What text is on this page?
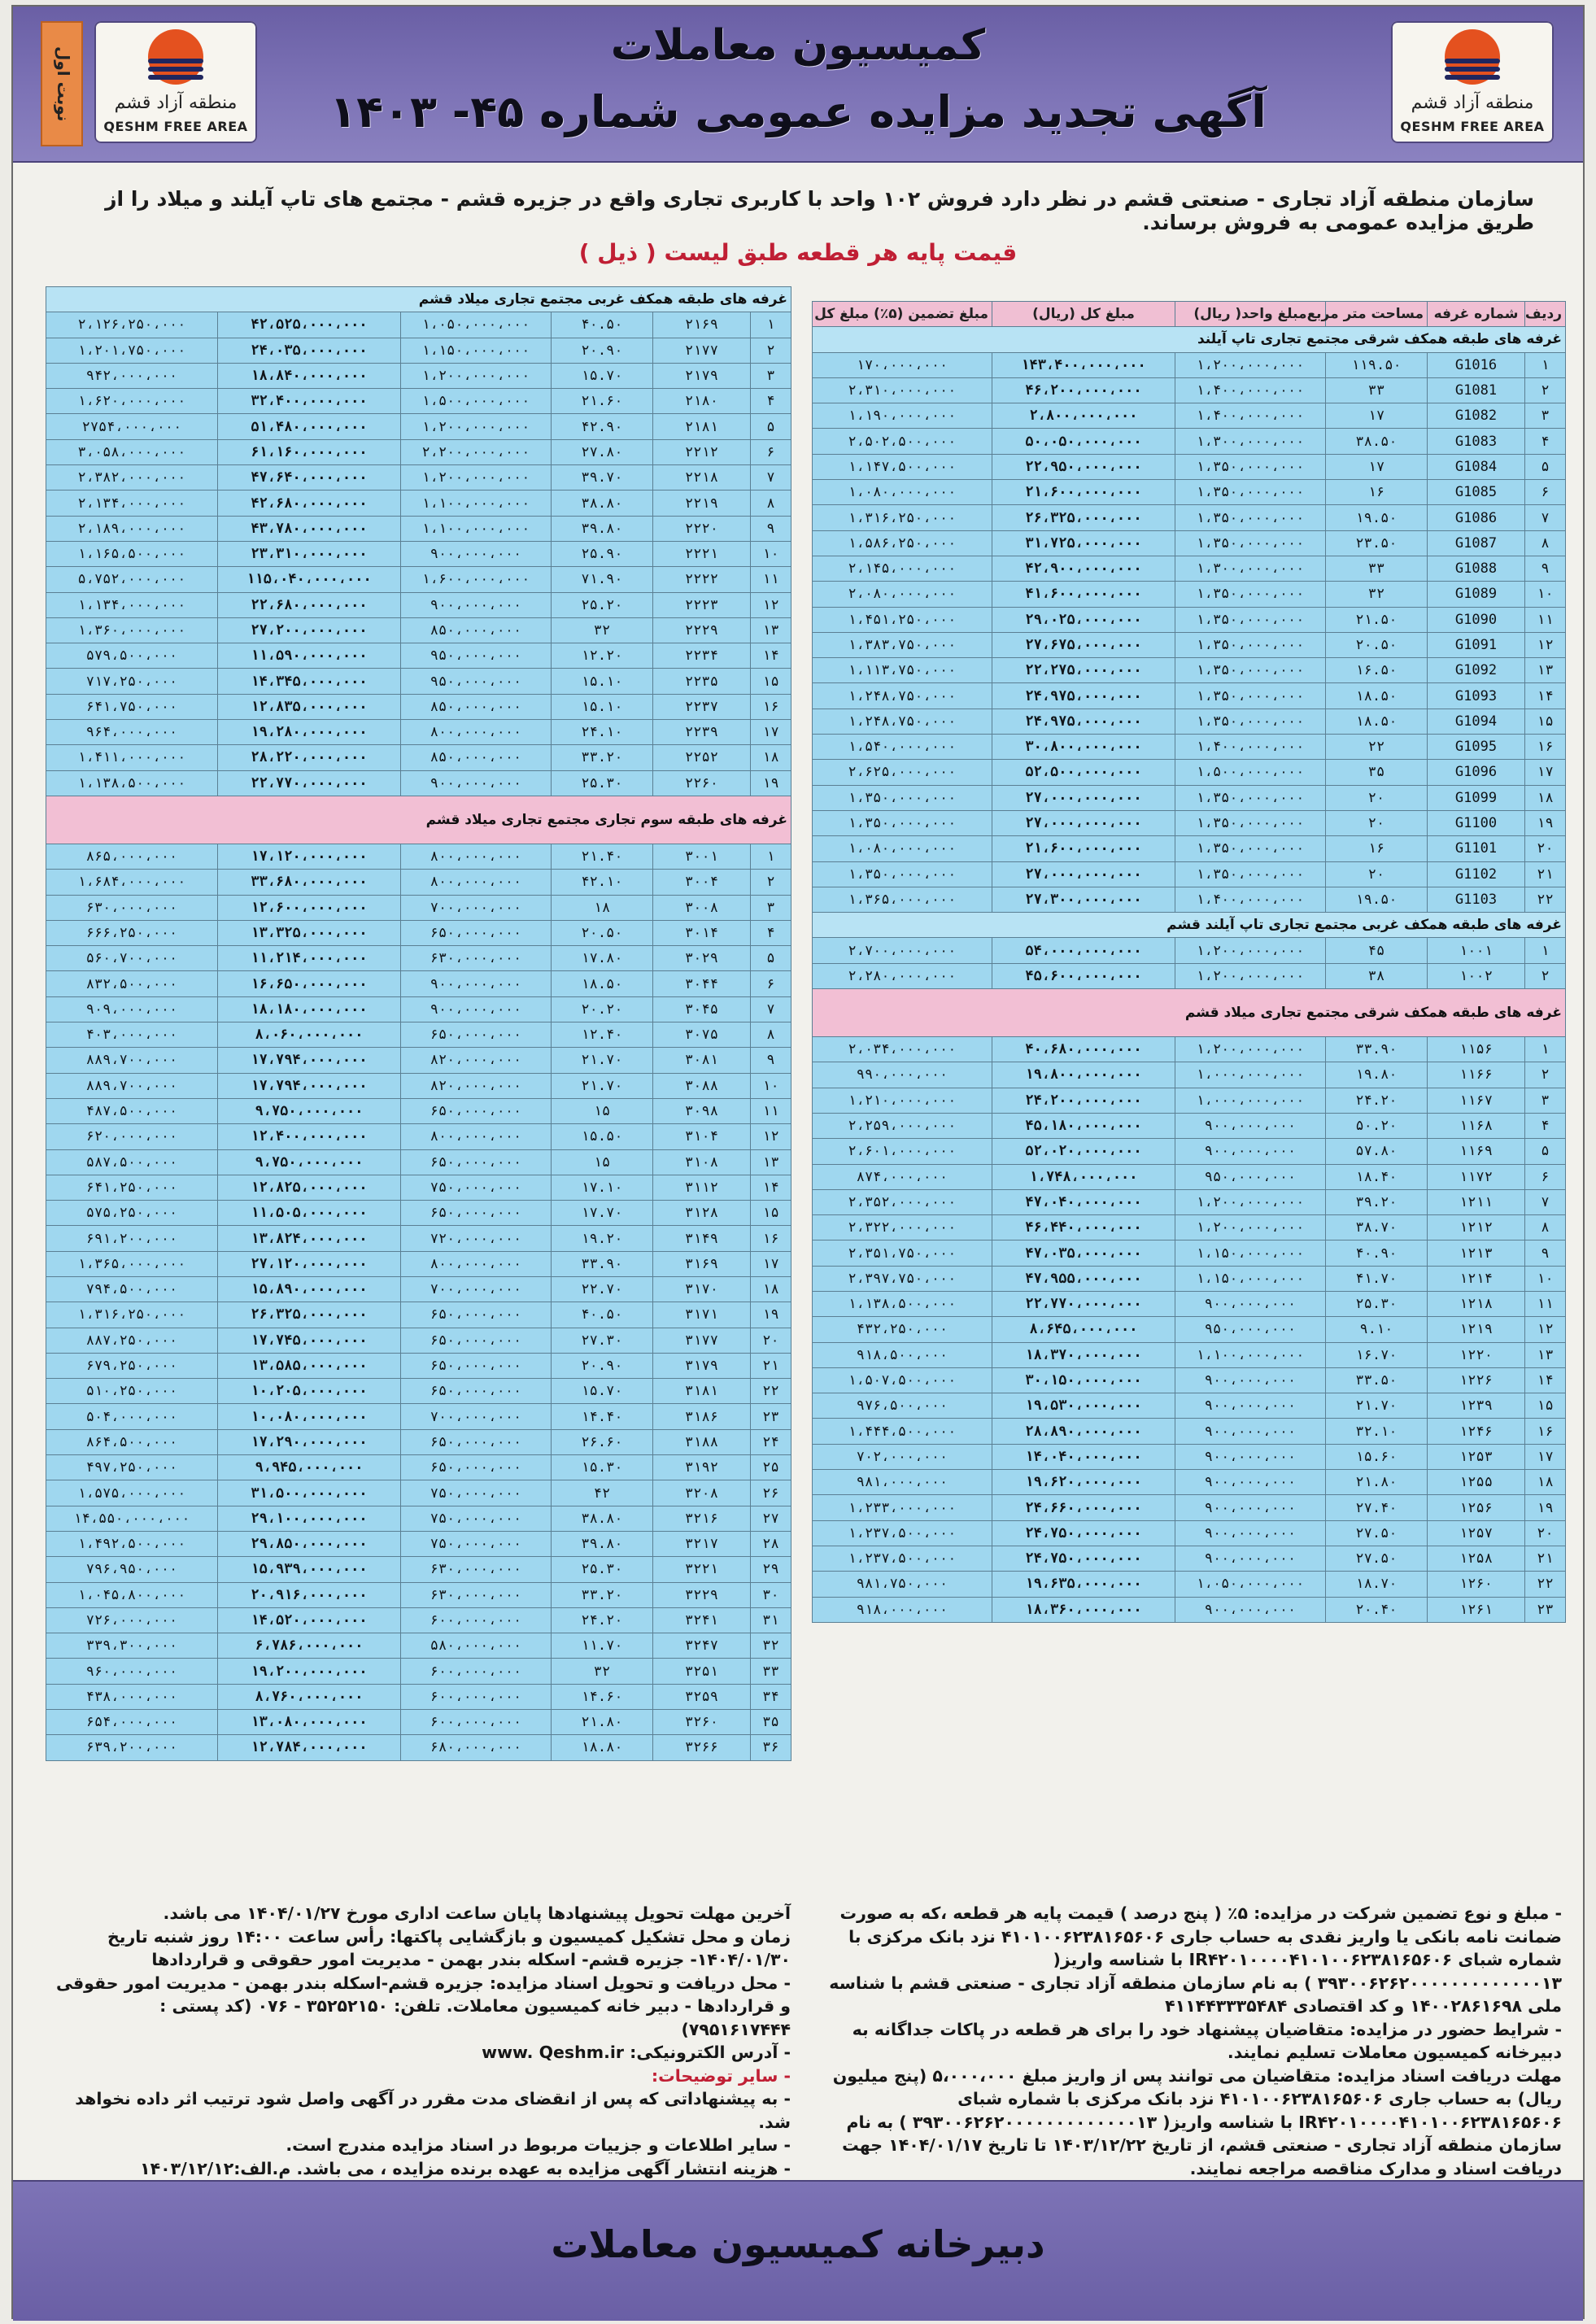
منطقه آزاد قشم
QESHM FREE AREA
منطقه آزاد قشم
QESHM FREE AREA
نوبت اول
کمیسیون معاملات
آگهی تجدید مزایده عمومی شماره ۴۵- ۱۴۰۳
سازمان منطقه آزاد تجاری - صنعتی قشم در نظر دارد فروش ۱۰۲ واحد با کاربری تجاری واقع در جزیره قشم - مجتمع های تاپ آیلند و میلاد را از طریق مزایده عمومی به فروش برساند.
قیمت پایه هر قطعه طبق لیست ( ذیل )
ردیف	شماره غرفه	مساحت متر مربع	مبلغ واحد( ریال)	مبلغ کل (ریال)	مبلغ تضمین (۵٪) مبلغ کل
غرفه های طبقه همکف شرقی مجتمع تجاری تاپ آیلند					
۱	G1016	۱۱۹.۵۰	۱،۲۰۰،۰۰۰،۰۰۰	۱۴۳،۴۰۰،۰۰۰،۰۰۰	۱۷۰،۰۰۰،۰۰۰
۲	G1081	۳۳	۱،۴۰۰،۰۰۰،۰۰۰	۴۶،۲۰۰،۰۰۰،۰۰۰	۲،۳۱۰،۰۰۰،۰۰۰
۳	G1082	۱۷	۱،۴۰۰،۰۰۰،۰۰۰	۲،۸۰۰،۰۰۰،۰۰۰	۱،۱۹۰،۰۰۰،۰۰۰
۴	G1083	۳۸.۵۰	۱،۳۰۰،۰۰۰،۰۰۰	۵۰،۰۵۰،۰۰۰،۰۰۰	۲،۵۰۲،۵۰۰،۰۰۰
۵	G1084	۱۷	۱،۳۵۰،۰۰۰،۰۰۰	۲۲،۹۵۰،۰۰۰،۰۰۰	۱،۱۴۷،۵۰۰،۰۰۰
۶	G1085	۱۶	۱،۳۵۰،۰۰۰،۰۰۰	۲۱،۶۰۰،۰۰۰،۰۰۰	۱،۰۸۰،۰۰۰،۰۰۰
۷	G1086	۱۹.۵۰	۱،۳۵۰،۰۰۰،۰۰۰	۲۶،۳۲۵،۰۰۰،۰۰۰	۱،۳۱۶،۲۵۰،۰۰۰
۸	G1087	۲۳.۵۰	۱،۳۵۰،۰۰۰،۰۰۰	۳۱،۷۲۵،۰۰۰،۰۰۰	۱،۵۸۶،۲۵۰،۰۰۰
۹	G1088	۳۳	۱،۳۰۰،۰۰۰،۰۰۰	۴۲،۹۰۰،۰۰۰،۰۰۰	۲،۱۴۵،۰۰۰،۰۰۰
۱۰	G1089	۳۲	۱،۳۵۰،۰۰۰،۰۰۰	۴۱،۶۰۰،۰۰۰،۰۰۰	۲،۰۸۰،۰۰۰،۰۰۰
۱۱	G1090	۲۱.۵۰	۱،۳۵۰،۰۰۰،۰۰۰	۲۹،۰۲۵،۰۰۰،۰۰۰	۱،۴۵۱،۲۵۰،۰۰۰
۱۲	G1091	۲۰.۵۰	۱،۳۵۰،۰۰۰،۰۰۰	۲۷،۶۷۵،۰۰۰،۰۰۰	۱،۳۸۳،۷۵۰،۰۰۰
۱۳	G1092	۱۶.۵۰	۱،۳۵۰،۰۰۰،۰۰۰	۲۲،۲۷۵،۰۰۰،۰۰۰	۱،۱۱۳،۷۵۰،۰۰۰
۱۴	G1093	۱۸.۵۰	۱،۳۵۰،۰۰۰،۰۰۰	۲۴،۹۷۵،۰۰۰،۰۰۰	۱،۲۴۸،۷۵۰،۰۰۰
۱۵	G1094	۱۸.۵۰	۱،۳۵۰،۰۰۰،۰۰۰	۲۴،۹۷۵،۰۰۰،۰۰۰	۱،۲۴۸،۷۵۰،۰۰۰
۱۶	G1095	۲۲	۱،۴۰۰،۰۰۰،۰۰۰	۳۰،۸۰۰،۰۰۰،۰۰۰	۱،۵۴۰،۰۰۰،۰۰۰
۱۷	G1096	۳۵	۱،۵۰۰،۰۰۰،۰۰۰	۵۲،۵۰۰،۰۰۰،۰۰۰	۲،۶۲۵،۰۰۰،۰۰۰
۱۸	G1099	۲۰	۱،۳۵۰،۰۰۰،۰۰۰	۲۷،۰۰۰،۰۰۰،۰۰۰	۱،۳۵۰،۰۰۰،۰۰۰
۱۹	G1100	۲۰	۱،۳۵۰،۰۰۰،۰۰۰	۲۷،۰۰۰،۰۰۰،۰۰۰	۱،۳۵۰،۰۰۰،۰۰۰
۲۰	G1101	۱۶	۱،۳۵۰،۰۰۰،۰۰۰	۲۱،۶۰۰،۰۰۰،۰۰۰	۱،۰۸۰،۰۰۰،۰۰۰
۲۱	G1102	۲۰	۱،۳۵۰،۰۰۰،۰۰۰	۲۷،۰۰۰،۰۰۰،۰۰۰	۱،۳۵۰،۰۰۰،۰۰۰
۲۲	G1103	۱۹.۵۰	۱،۴۰۰،۰۰۰،۰۰۰	۲۷،۳۰۰،۰۰۰،۰۰۰	۱،۳۶۵،۰۰۰،۰۰۰
غرفه های طبقه همکف غربی مجتمع تجاری تاپ آیلند قشم					
۱	۱۰۰۱	۴۵	۱،۲۰۰،۰۰۰،۰۰۰	۵۴،۰۰۰،۰۰۰،۰۰۰	۲،۷۰۰،۰۰۰،۰۰۰
۲	۱۰۰۲	۳۸	۱،۲۰۰،۰۰۰،۰۰۰	۴۵،۶۰۰،۰۰۰،۰۰۰	۲،۲۸۰،۰۰۰،۰۰۰
غرفه های طبقه همکف شرقی مجتمع تجاری میلاد قشم					
۱	۱۱۵۶	۳۳.۹۰	۱،۲۰۰،۰۰۰،۰۰۰	۴۰،۶۸۰،۰۰۰،۰۰۰	۲،۰۳۴،۰۰۰،۰۰۰
۲	۱۱۶۶	۱۹.۸۰	۱،۰۰۰،۰۰۰،۰۰۰	۱۹،۸۰۰،۰۰۰،۰۰۰	۹۹۰،۰۰۰،۰۰۰
۳	۱۱۶۷	۲۴.۲۰	۱،۰۰۰،۰۰۰،۰۰۰	۲۴،۲۰۰،۰۰۰،۰۰۰	۱،۲۱۰،۰۰۰،۰۰۰
۴	۱۱۶۸	۵۰.۲۰	۹۰۰،۰۰۰،۰۰۰	۴۵،۱۸۰،۰۰۰،۰۰۰	۲،۲۵۹،۰۰۰،۰۰۰
۵	۱۱۶۹	۵۷.۸۰	۹۰۰،۰۰۰،۰۰۰	۵۲،۰۲۰،۰۰۰،۰۰۰	۲،۶۰۱،۰۰۰،۰۰۰
۶	۱۱۷۲	۱۸.۴۰	۹۵۰،۰۰۰،۰۰۰	۱،۷۴۸،۰۰۰،۰۰۰	۸۷۴،۰۰۰،۰۰۰
۷	۱۲۱۱	۳۹.۲۰	۱،۲۰۰،۰۰۰،۰۰۰	۴۷،۰۴۰،۰۰۰،۰۰۰	۲،۳۵۲،۰۰۰،۰۰۰
۸	۱۲۱۲	۳۸.۷۰	۱،۲۰۰،۰۰۰،۰۰۰	۴۶،۴۴۰،۰۰۰،۰۰۰	۲،۳۲۲،۰۰۰،۰۰۰
۹	۱۲۱۳	۴۰.۹۰	۱،۱۵۰،۰۰۰،۰۰۰	۴۷،۰۳۵،۰۰۰،۰۰۰	۲،۳۵۱،۷۵۰،۰۰۰
۱۰	۱۲۱۴	۴۱.۷۰	۱،۱۵۰،۰۰۰،۰۰۰	۴۷،۹۵۵،۰۰۰،۰۰۰	۲،۳۹۷،۷۵۰،۰۰۰
۱۱	۱۲۱۸	۲۵.۳۰	۹۰۰،۰۰۰،۰۰۰	۲۲،۷۷۰،۰۰۰،۰۰۰	۱،۱۳۸،۵۰۰،۰۰۰
۱۲	۱۲۱۹	۹.۱۰	۹۵۰،۰۰۰،۰۰۰	۸،۶۴۵،۰۰۰،۰۰۰	۴۳۲،۲۵۰،۰۰۰
۱۳	۱۲۲۰	۱۶.۷۰	۱،۱۰۰،۰۰۰،۰۰۰	۱۸،۳۷۰،۰۰۰،۰۰۰	۹۱۸،۵۰۰،۰۰۰
۱۴	۱۲۲۶	۳۳.۵۰	۹۰۰،۰۰۰،۰۰۰	۳۰،۱۵۰،۰۰۰،۰۰۰	۱،۵۰۷،۵۰۰،۰۰۰
۱۵	۱۲۳۹	۲۱.۷۰	۹۰۰،۰۰۰،۰۰۰	۱۹،۵۳۰،۰۰۰،۰۰۰	۹۷۶،۵۰۰،۰۰۰
۱۶	۱۲۴۶	۳۲.۱۰	۹۰۰،۰۰۰،۰۰۰	۲۸،۸۹۰،۰۰۰،۰۰۰	۱،۴۴۴،۵۰۰،۰۰۰
۱۷	۱۲۵۳	۱۵.۶۰	۹۰۰،۰۰۰،۰۰۰	۱۴،۰۴۰،۰۰۰،۰۰۰	۷۰۲،۰۰۰،۰۰۰
۱۸	۱۲۵۵	۲۱.۸۰	۹۰۰،۰۰۰،۰۰۰	۱۹،۶۲۰،۰۰۰،۰۰۰	۹۸۱،۰۰۰،۰۰۰
۱۹	۱۲۵۶	۲۷.۴۰	۹۰۰،۰۰۰،۰۰۰	۲۴،۶۶۰،۰۰۰،۰۰۰	۱،۲۳۳،۰۰۰،۰۰۰
۲۰	۱۲۵۷	۲۷.۵۰	۹۰۰،۰۰۰،۰۰۰	۲۴،۷۵۰،۰۰۰،۰۰۰	۱،۲۳۷،۵۰۰،۰۰۰
۲۱	۱۲۵۸	۲۷.۵۰	۹۰۰،۰۰۰،۰۰۰	۲۴،۷۵۰،۰۰۰،۰۰۰	۱،۲۳۷،۵۰۰،۰۰۰
۲۲	۱۲۶۰	۱۸.۷۰	۱،۰۵۰،۰۰۰،۰۰۰	۱۹،۶۳۵،۰۰۰،۰۰۰	۹۸۱،۷۵۰،۰۰۰
۲۳	۱۲۶۱	۲۰.۴۰	۹۰۰،۰۰۰،۰۰۰	۱۸،۳۶۰،۰۰۰،۰۰۰	۹۱۸،۰۰۰،۰۰۰
غرفه های طبقه همکف غربی مجتمع تجاری میلاد قشم					
۱	۲۱۶۹	۴۰.۵۰	۱،۰۵۰،۰۰۰،۰۰۰	۴۲،۵۲۵،۰۰۰،۰۰۰	۲،۱۲۶،۲۵۰،۰۰۰
۲	۲۱۷۷	۲۰.۹۰	۱،۱۵۰،۰۰۰،۰۰۰	۲۴،۰۳۵،۰۰۰،۰۰۰	۱،۲۰۱،۷۵۰،۰۰۰
۳	۲۱۷۹	۱۵.۷۰	۱،۲۰۰،۰۰۰،۰۰۰	۱۸،۸۴۰،۰۰۰،۰۰۰	۹۴۲،۰۰۰،۰۰۰
۴	۲۱۸۰	۲۱.۶۰	۱،۵۰۰،۰۰۰،۰۰۰	۳۲،۴۰۰،۰۰۰،۰۰۰	۱،۶۲۰،۰۰۰،۰۰۰
۵	۲۱۸۱	۴۲.۹۰	۱،۲۰۰،۰۰۰،۰۰۰	۵۱،۴۸۰،۰۰۰،۰۰۰	۲۷۵۴،۰۰۰،۰۰۰
۶	۲۲۱۲	۲۷.۸۰	۲،۲۰۰،۰۰۰،۰۰۰	۶۱،۱۶۰،۰۰۰،۰۰۰	۳،۰۵۸،۰۰۰،۰۰۰
۷	۲۲۱۸	۳۹.۷۰	۱،۲۰۰،۰۰۰،۰۰۰	۴۷،۶۴۰،۰۰۰،۰۰۰	۲،۳۸۲،۰۰۰،۰۰۰
۸	۲۲۱۹	۳۸.۸۰	۱،۱۰۰،۰۰۰،۰۰۰	۴۲،۶۸۰،۰۰۰،۰۰۰	۲،۱۳۴،۰۰۰،۰۰۰
۹	۲۲۲۰	۳۹.۸۰	۱،۱۰۰،۰۰۰،۰۰۰	۴۳،۷۸۰،۰۰۰،۰۰۰	۲،۱۸۹،۰۰۰،۰۰۰
۱۰	۲۲۲۱	۲۵.۹۰	۹۰۰،۰۰۰،۰۰۰	۲۳،۳۱۰،۰۰۰،۰۰۰	۱،۱۶۵،۵۰۰،۰۰۰
۱۱	۲۲۲۲	۷۱.۹۰	۱،۶۰۰،۰۰۰،۰۰۰	۱۱۵،۰۴۰،۰۰۰،۰۰۰	۵،۷۵۲،۰۰۰،۰۰۰
۱۲	۲۲۲۳	۲۵.۲۰	۹۰۰،۰۰۰،۰۰۰	۲۲،۶۸۰،۰۰۰،۰۰۰	۱،۱۳۴،۰۰۰،۰۰۰
۱۳	۲۲۲۹	۳۲	۸۵۰،۰۰۰،۰۰۰	۲۷،۲۰۰،۰۰۰،۰۰۰	۱،۳۶۰،۰۰۰،۰۰۰
۱۴	۲۲۳۴	۱۲.۲۰	۹۵۰،۰۰۰،۰۰۰	۱۱،۵۹۰،۰۰۰،۰۰۰	۵۷۹،۵۰۰،۰۰۰
۱۵	۲۲۳۵	۱۵.۱۰	۹۵۰،۰۰۰،۰۰۰	۱۴،۳۴۵،۰۰۰،۰۰۰	۷۱۷،۲۵۰،۰۰۰
۱۶	۲۲۳۷	۱۵.۱۰	۸۵۰،۰۰۰،۰۰۰	۱۲،۸۳۵،۰۰۰،۰۰۰	۶۴۱،۷۵۰،۰۰۰
۱۷	۲۲۳۹	۲۴.۱۰	۸۰۰،۰۰۰،۰۰۰	۱۹،۲۸۰،۰۰۰،۰۰۰	۹۶۴،۰۰۰،۰۰۰
۱۸	۲۲۵۲	۳۳.۲۰	۸۵۰،۰۰۰،۰۰۰	۲۸،۲۲۰،۰۰۰،۰۰۰	۱،۴۱۱،۰۰۰،۰۰۰
۱۹	۲۲۶۰	۲۵.۳۰	۹۰۰،۰۰۰،۰۰۰	۲۲،۷۷۰،۰۰۰،۰۰۰	۱،۱۳۸،۵۰۰،۰۰۰
غرفه های طبقه سوم تجاری مجتمع تجاری میلاد قشم					
۱	۳۰۰۱	۲۱.۴۰	۸۰۰،۰۰۰،۰۰۰	۱۷،۱۲۰،۰۰۰،۰۰۰	۸۶۵،۰۰۰،۰۰۰
۲	۳۰۰۴	۴۲.۱۰	۸۰۰،۰۰۰،۰۰۰	۳۳،۶۸۰،۰۰۰،۰۰۰	۱،۶۸۴،۰۰۰،۰۰۰
۳	۳۰۰۸	۱۸	۷۰۰،۰۰۰،۰۰۰	۱۲،۶۰۰،۰۰۰،۰۰۰	۶۳۰،۰۰۰،۰۰۰
۴	۳۰۱۴	۲۰.۵۰	۶۵۰،۰۰۰،۰۰۰	۱۳،۳۲۵،۰۰۰،۰۰۰	۶۶۶،۲۵۰،۰۰۰
۵	۳۰۲۹	۱۷.۸۰	۶۳۰،۰۰۰،۰۰۰	۱۱،۲۱۴،۰۰۰،۰۰۰	۵۶۰،۷۰۰،۰۰۰
۶	۳۰۴۴	۱۸.۵۰	۹۰۰،۰۰۰،۰۰۰	۱۶،۶۵۰،۰۰۰،۰۰۰	۸۳۲،۵۰۰،۰۰۰
۷	۳۰۴۵	۲۰.۲۰	۹۰۰،۰۰۰،۰۰۰	۱۸،۱۸۰،۰۰۰،۰۰۰	۹۰۹،۰۰۰،۰۰۰
۸	۳۰۷۵	۱۲.۴۰	۶۵۰،۰۰۰،۰۰۰	۸،۰۶۰،۰۰۰،۰۰۰	۴۰۳،۰۰۰،۰۰۰
۹	۳۰۸۱	۲۱.۷۰	۸۲۰،۰۰۰،۰۰۰	۱۷،۷۹۴،۰۰۰،۰۰۰	۸۸۹،۷۰۰،۰۰۰
۱۰	۳۰۸۸	۲۱.۷۰	۸۲۰،۰۰۰،۰۰۰	۱۷،۷۹۴،۰۰۰،۰۰۰	۸۸۹،۷۰۰،۰۰۰
۱۱	۳۰۹۸	۱۵	۶۵۰،۰۰۰،۰۰۰	۹،۷۵۰،۰۰۰،۰۰۰	۴۸۷،۵۰۰،۰۰۰
۱۲	۳۱۰۴	۱۵.۵۰	۸۰۰،۰۰۰،۰۰۰	۱۲،۴۰۰،۰۰۰،۰۰۰	۶۲۰،۰۰۰،۰۰۰
۱۳	۳۱۰۸	۱۵	۶۵۰،۰۰۰،۰۰۰	۹،۷۵۰،۰۰۰،۰۰۰	۵۸۷،۵۰۰،۰۰۰
۱۴	۳۱۱۲	۱۷.۱۰	۷۵۰،۰۰۰،۰۰۰	۱۲،۸۲۵،۰۰۰،۰۰۰	۶۴۱،۲۵۰،۰۰۰
۱۵	۳۱۲۸	۱۷.۷۰	۶۵۰،۰۰۰،۰۰۰	۱۱،۵۰۵،۰۰۰،۰۰۰	۵۷۵،۲۵۰،۰۰۰
۱۶	۳۱۴۹	۱۹.۲۰	۷۲۰،۰۰۰،۰۰۰	۱۳،۸۲۴،۰۰۰،۰۰۰	۶۹۱،۲۰۰،۰۰۰
۱۷	۳۱۶۹	۳۳.۹۰	۸۰۰،۰۰۰،۰۰۰	۲۷،۱۲۰،۰۰۰،۰۰۰	۱،۳۶۵،۰۰۰،۰۰۰
۱۸	۳۱۷۰	۲۲.۷۰	۷۰۰،۰۰۰،۰۰۰	۱۵،۸۹۰،۰۰۰،۰۰۰	۷۹۴،۵۰۰،۰۰۰
۱۹	۳۱۷۱	۴۰.۵۰	۶۵۰،۰۰۰،۰۰۰	۲۶،۳۲۵،۰۰۰،۰۰۰	۱،۳۱۶،۲۵۰،۰۰۰
۲۰	۳۱۷۷	۲۷.۳۰	۶۵۰،۰۰۰،۰۰۰	۱۷،۷۴۵،۰۰۰،۰۰۰	۸۸۷،۲۵۰،۰۰۰
۲۱	۳۱۷۹	۲۰.۹۰	۶۵۰،۰۰۰،۰۰۰	۱۳،۵۸۵،۰۰۰،۰۰۰	۶۷۹،۲۵۰،۰۰۰
۲۲	۳۱۸۱	۱۵.۷۰	۶۵۰،۰۰۰،۰۰۰	۱۰،۲۰۵،۰۰۰،۰۰۰	۵۱۰،۲۵۰،۰۰۰
۲۳	۳۱۸۶	۱۴.۴۰	۷۰۰،۰۰۰،۰۰۰	۱۰،۰۸۰،۰۰۰،۰۰۰	۵۰۴،۰۰۰،۰۰۰
۲۴	۳۱۸۸	۲۶.۶۰	۶۵۰،۰۰۰،۰۰۰	۱۷،۲۹۰،۰۰۰،۰۰۰	۸۶۴،۵۰۰،۰۰۰
۲۵	۳۱۹۲	۱۵.۳۰	۶۵۰،۰۰۰،۰۰۰	۹،۹۴۵،۰۰۰،۰۰۰	۴۹۷،۲۵۰،۰۰۰
۲۶	۳۲۰۸	۴۲	۷۵۰،۰۰۰،۰۰۰	۳۱،۵۰۰،۰۰۰،۰۰۰	۱،۵۷۵،۰۰۰،۰۰۰
۲۷	۳۲۱۶	۳۸.۸۰	۷۵۰،۰۰۰،۰۰۰	۲۹،۱۰۰،۰۰۰،۰۰۰	۱۴،۵۵۰،۰۰۰،۰۰۰
۲۸	۳۲۱۷	۳۹.۸۰	۷۵۰،۰۰۰،۰۰۰	۲۹،۸۵۰،۰۰۰،۰۰۰	۱،۴۹۲،۵۰۰،۰۰۰
۲۹	۳۲۲۱	۲۵.۳۰	۶۳۰،۰۰۰،۰۰۰	۱۵،۹۳۹،۰۰۰،۰۰۰	۷۹۶،۹۵۰،۰۰۰
۳۰	۳۲۲۹	۳۳.۲۰	۶۳۰،۰۰۰،۰۰۰	۲۰،۹۱۶،۰۰۰،۰۰۰	۱،۰۴۵،۸۰۰،۰۰۰
۳۱	۳۲۴۱	۲۴.۲۰	۶۰۰،۰۰۰،۰۰۰	۱۴،۵۲۰،۰۰۰،۰۰۰	۷۲۶،۰۰۰،۰۰۰
۳۲	۳۲۴۷	۱۱.۷۰	۵۸۰،۰۰۰،۰۰۰	۶،۷۸۶،۰۰۰،۰۰۰	۳۳۹،۳۰۰،۰۰۰
۳۳	۳۲۵۱	۳۲	۶۰۰،۰۰۰،۰۰۰	۱۹،۲۰۰،۰۰۰،۰۰۰	۹۶۰،۰۰۰،۰۰۰
۳۴	۳۲۵۹	۱۴.۶۰	۶۰۰،۰۰۰،۰۰۰	۸،۷۶۰،۰۰۰،۰۰۰	۴۳۸،۰۰۰،۰۰۰
۳۵	۳۲۶۰	۲۱.۸۰	۶۰۰،۰۰۰،۰۰۰	۱۳،۰۸۰،۰۰۰،۰۰۰	۶۵۴،۰۰۰،۰۰۰
۳۶	۳۲۶۶	۱۸.۸۰	۶۸۰،۰۰۰،۰۰۰	۱۲،۷۸۴،۰۰۰،۰۰۰	۶۳۹،۲۰۰،۰۰۰

- مبلغ و نوع تضمین شرکت در مزایده: ۵٪ ( پنج درصد ) قیمت پایه هر قطعه ،که به صورت ضمانت نامه بانکی یا واریز نقدی به حساب جاری ۴۱۰۱۰۰۶۲۳۸۱۶۵۶۰۶ نزد بانک مرکزی با شماره شبای IR۴۲۰۱۰۰۰۰۴۱۰۱۰۰۶۲۳۸۱۶۵۶۰۶ با شناسه واریز( ۳۹۳۰۰۶۲۶۲۰۰۰۰۰۰۰۰۰۰۰۰۰۱۳ ) به نام سازمان منطقه آزاد تجاری - صنعتی قشم با شناسه ملی ۱۴۰۰۲۸۶۱۶۹۸ و کد اقتصادی ۴۱۱۴۴۳۳۳۵۴۸۴

- شرایط حضور در مزایده: متقاضیان پیشنهاد خود را برای هر قطعه در پاکات جداگانه به دبیرخانه کمیسیون معاملات تسلیم نمایند.

مهلت دریافت اسناد مزایده: متقاضیان می توانند پس از واریز مبلغ ۵،۰۰۰،۰۰۰ (پنج میلیون ریال) به حساب جاری ۴۱۰۱۰۰۶۲۳۸۱۶۵۶۰۶ نزد بانک مرکزی با شماره شبای IR۴۲۰۱۰۰۰۰۴۱۰۱۰۰۶۲۳۸۱۶۵۶۰۶ با شناسه واریز( ۳۹۳۰۰۶۲۶۲۰۰۰۰۰۰۰۰۰۰۰۰۰۱۳ ) به نام سازمان منطقه آزاد تجاری - صنعتی قشم، از تاریخ ۱۴۰۳/۱۲/۲۲ تا تاریخ ۱۴۰۴/۰۱/۱۷ جهت دریافت اسناد و مدارک مناقصه مراجعه نمایند.

آخرین مهلت تحویل پیشنهادها پایان ساعت اداری مورخ ۱۴۰۴/۰۱/۲۷ می باشد.

زمان و محل تشکیل کمیسیون و بازگشایی پاکتها: رأس ساعت ۱۴:۰۰ روز شنبه تاریخ ۱۴۰۴/۰۱/۳۰- جزیره قشم- اسکله بندر بهمن - مدیریت امور حقوقی و قراردادها

- محل دریافت و تحویل اسناد مزایده: جزیره قشم-اسکله بندر بهمن - مدیریت امور حقوقی و قراردادها - دبیر خانه کمیسیون معاملات. تلفن: ۳۵۲۵۲۱۵۰ - ۰۷۶ (کد پستی : ۷۹۵۱۶۱۷۴۴۴)

- آدرس الکترونیکی: www. Qeshm.ir

- سایر توضیحات:

- به پیشنهاداتی که پس از انقضای مدت مقرر در آگهی واصل شود ترتیب اثر داده نخواهد شد.

- سایر اطلاعات و جزییات مربوط در اسناد مزایده مندرج است.

- هزینه انتشار آگهی مزایده به عهده برنده مزایده ، می باشد. م.الف:۱۴۰۳/۱۲/۱۲

دبیرخانه کمیسیون معاملات
